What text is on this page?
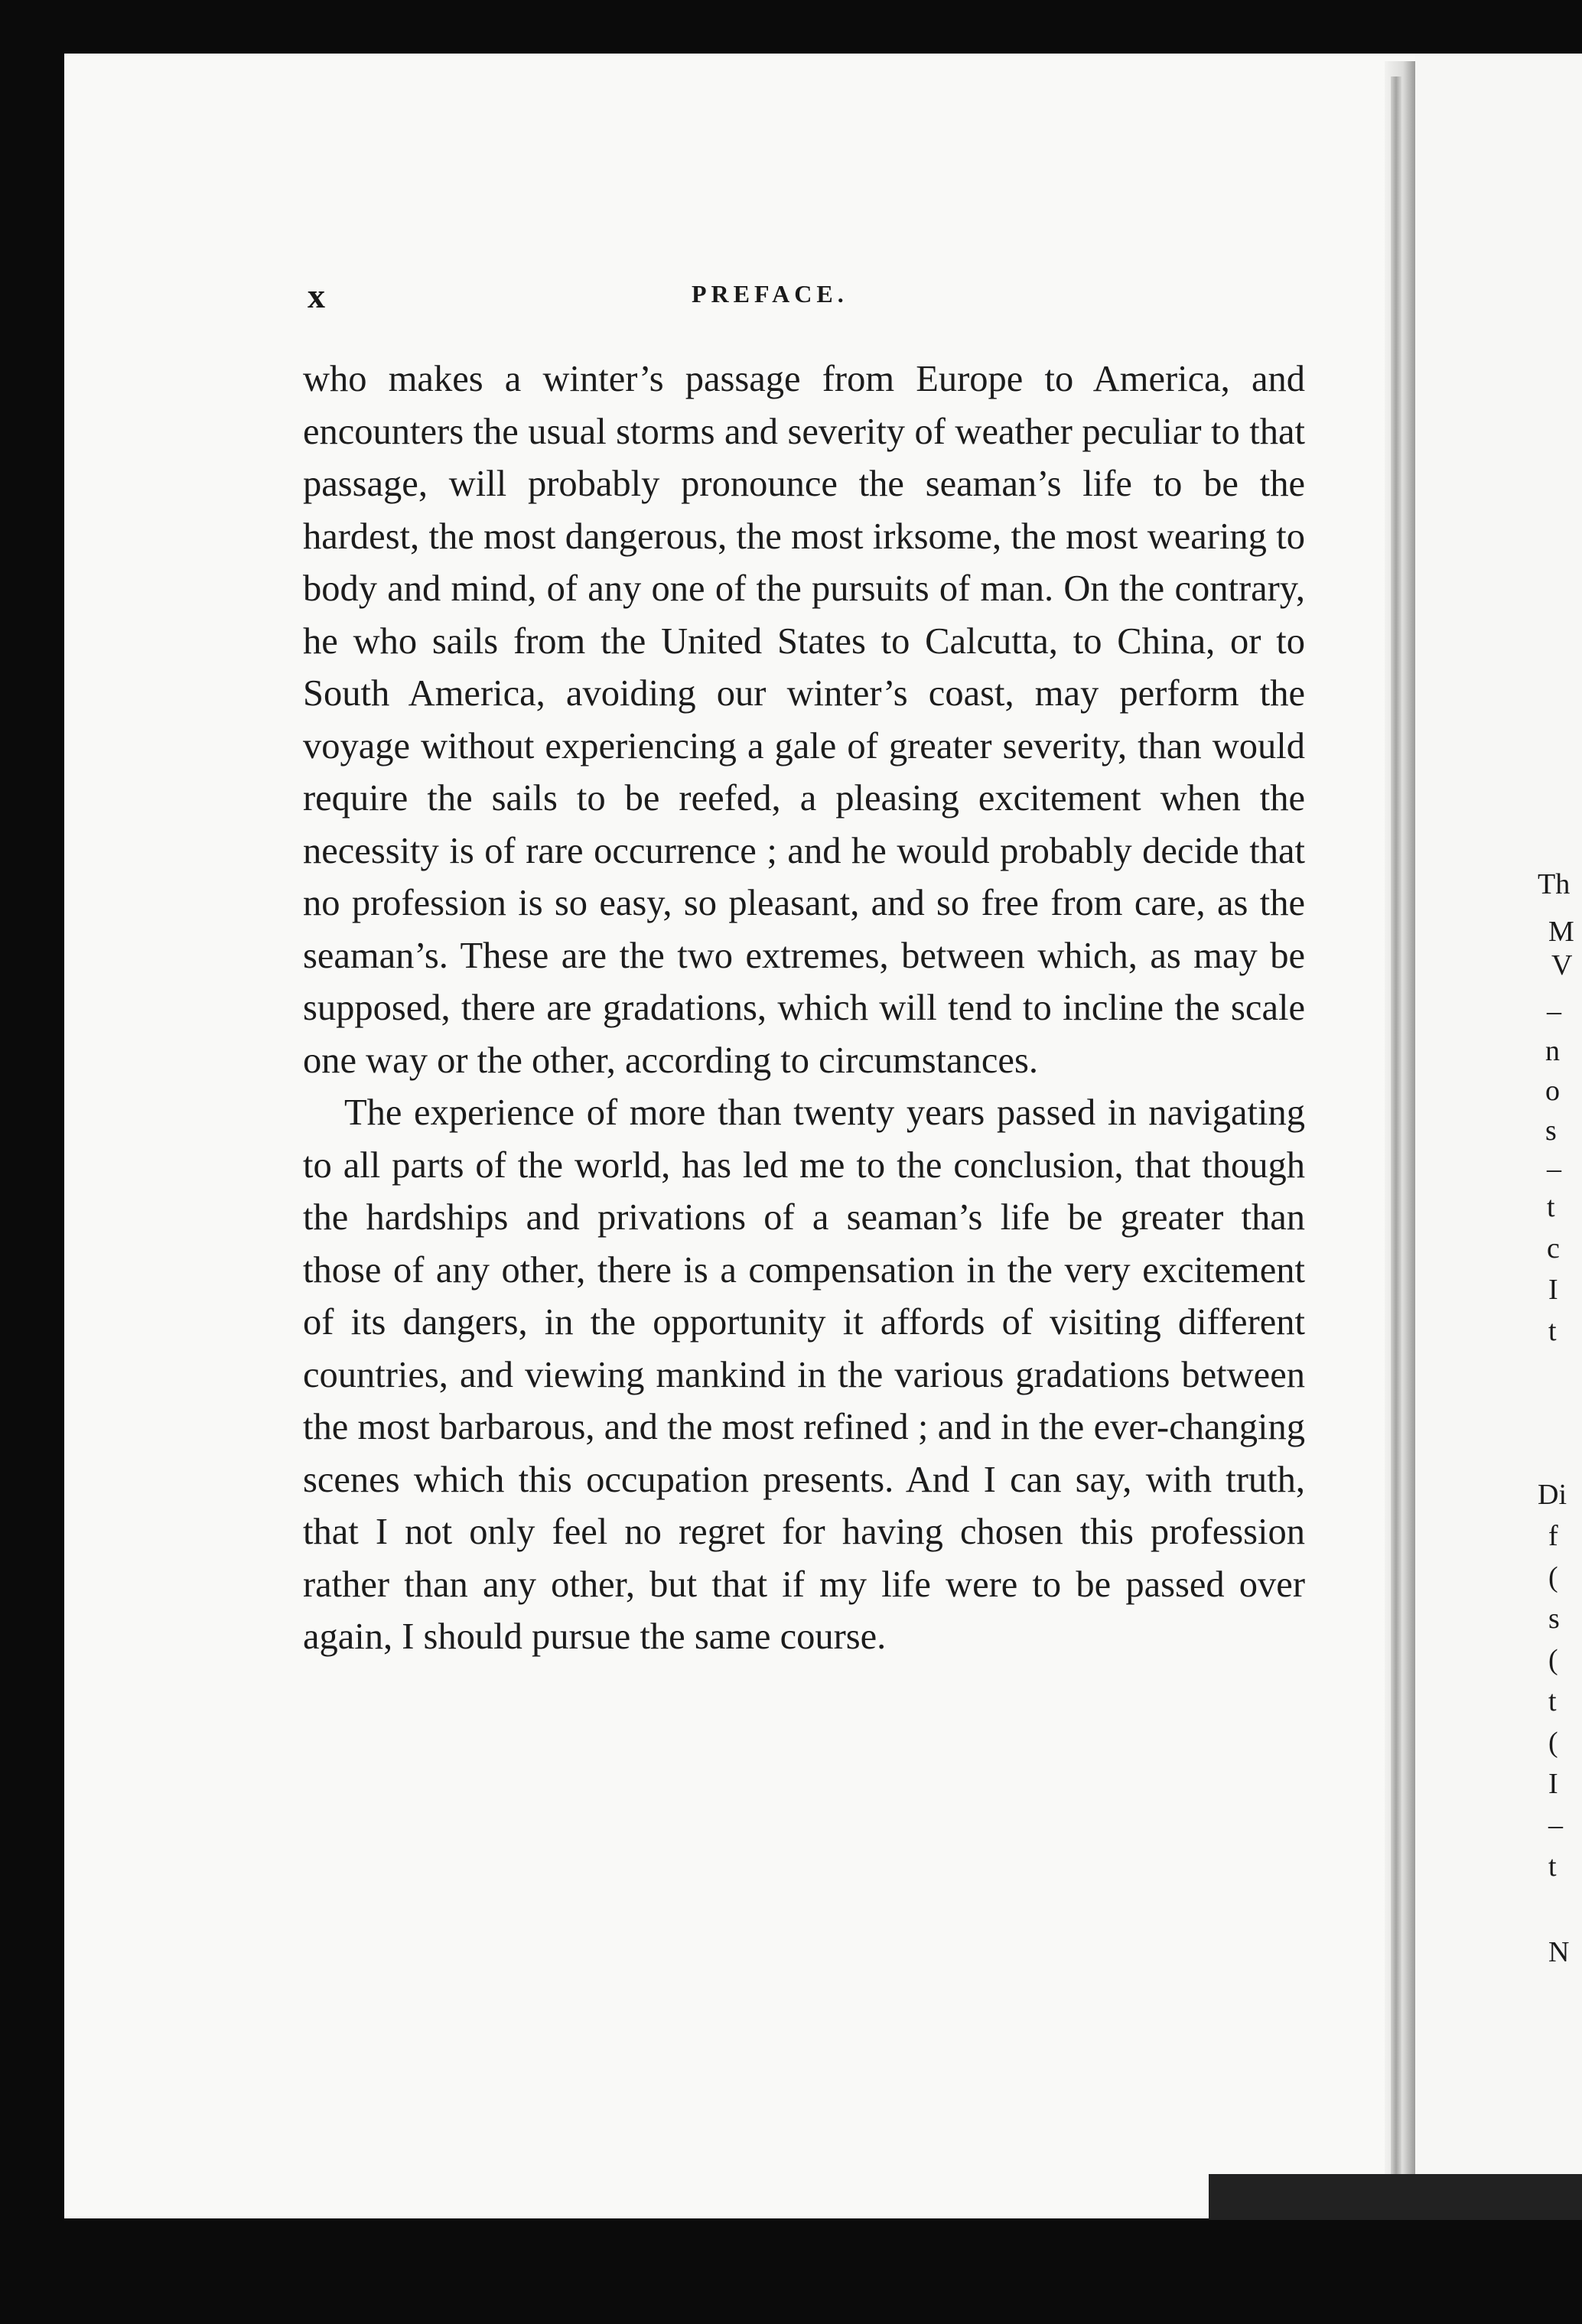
x	PREFACE.

who makes a winter’s passage from Europe to America, and encounters the usual storms and severity of weather peculiar to that passage, will probably pronounce the seaman’s life to be the hardest, the most dangerous, the most irksome, the most wearing to body and mind, of any one of the pursuits of man. On the contrary, he who sails from the United States to Calcutta, to China, or to South America, avoiding our winter’s coast, may perform the voyage without experiencing a gale of greater severity, than would require the sails to be reefed, a pleasing excitement when the necessity is of rare occurrence ; and he would probably decide that no profession is so easy, so pleasant, and so free from care, as the seaman’s. These are the two extremes, between which, as may be supposed, there are gradations, which will tend to incline the scale one way or the other, according to circumstances.

The experience of more than twenty years passed in navigating to all parts of the world, has led me to the conclusion, that though the hardships and privations of a seaman’s life be greater than those of any other, there is a compensation in the very excitement of its dangers, in the opportunity it affords of visiting different countries, and viewing mankind in the various gradations between the most barbarous, and the most refined ; and in the ever-changing scenes which this occupation presents. And I can say, with truth, that I not only feel no regret for having chosen this profession rather than any other, but that if my life were to be passed over again, I should pursue the same course.

Th
M
V
–
n
o
s
–
t
c
I
t
Di
f
(
s
(
t
(
I
–
t
N
